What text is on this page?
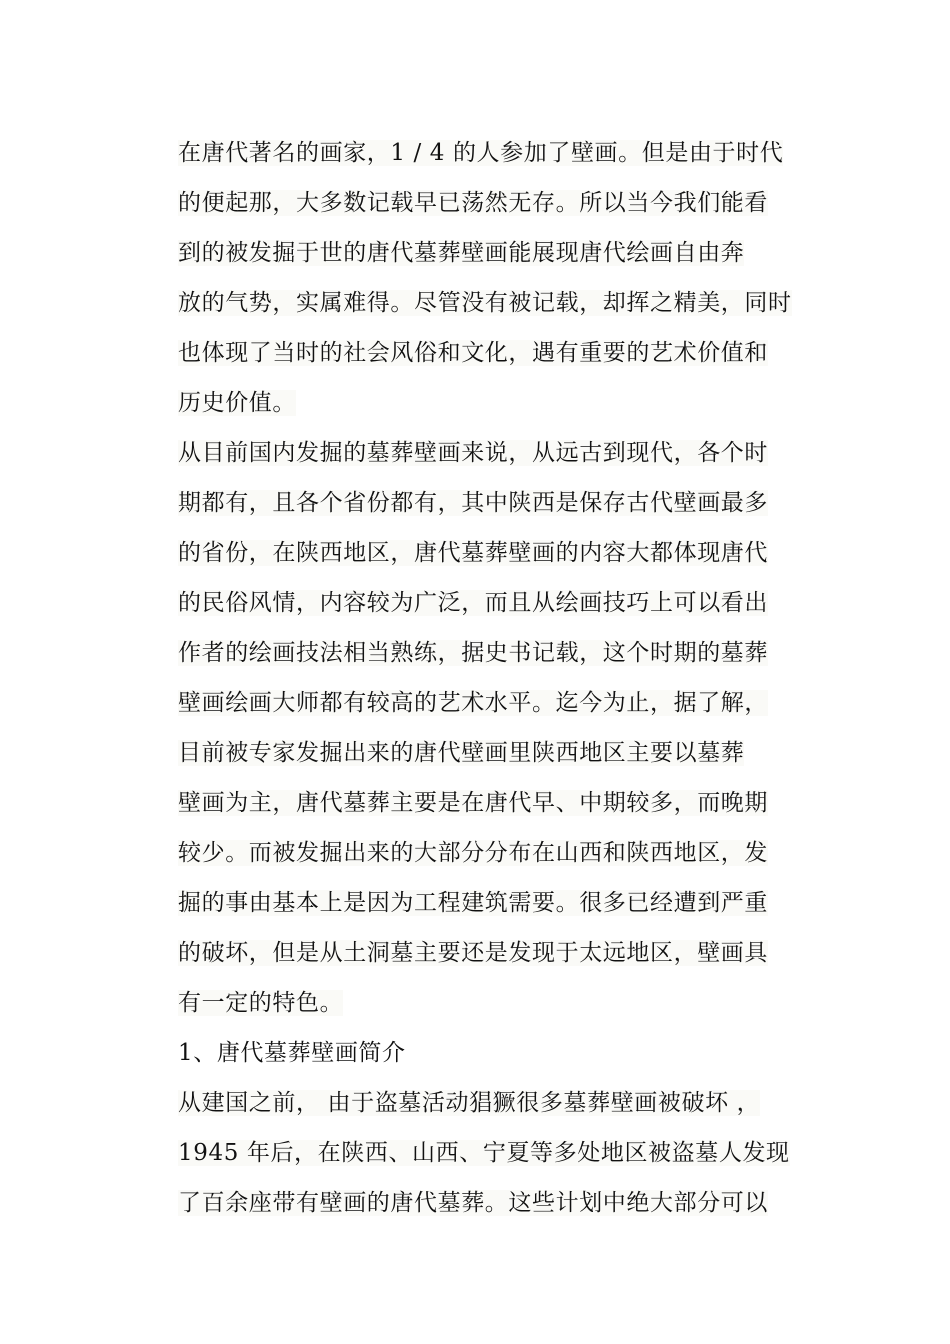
在唐代著名的画家，1 / 4 的人参加了壁画。但是由于时代
的便起那，大多数记载早已荡然无存。所以当今我们能看
到的被发掘于世的唐代墓葬壁画能展现唐代绘画自由奔
放的气势，实属难得。尽管没有被记载，却挥之精美，同时
也体现了当时的社会风俗和文化，遇有重要的艺术价值和
历史价值。
从目前国内发掘的墓葬壁画来说，从远古到现代，各个时
期都有，且各个省份都有，其中陕西是保存古代壁画最多
的省份，在陕西地区，唐代墓葬壁画的内容大都体现唐代
的民俗风情，内容较为广泛，而且从绘画技巧上可以看出
作者的绘画技法相当熟练，据史书记载，这个时期的墓葬
壁画绘画大师都有较高的艺术水平。迄今为止，据了解，
目前被专家发掘出来的唐代壁画里陕西地区主要以墓葬
壁画为主，唐代墓葬主要是在唐代早、中期较多，而晚期
较少。而被发掘出来的大部分分布在山西和陕西地区，发
掘的事由基本上是因为工程建筑需要。很多已经遭到严重
的破坏，但是从土洞墓主要还是发现于太远地区，壁画具
有一定的特色。
1、唐代墓葬壁画简介
从建国之前， 由于盗墓活动猖獗很多墓葬壁画被破坏 ，
1945 年后，在陕西、山西、宁夏等多处地区被盗墓人发现
了百余座带有壁画的唐代墓葬。这些计划中绝大部分可以
